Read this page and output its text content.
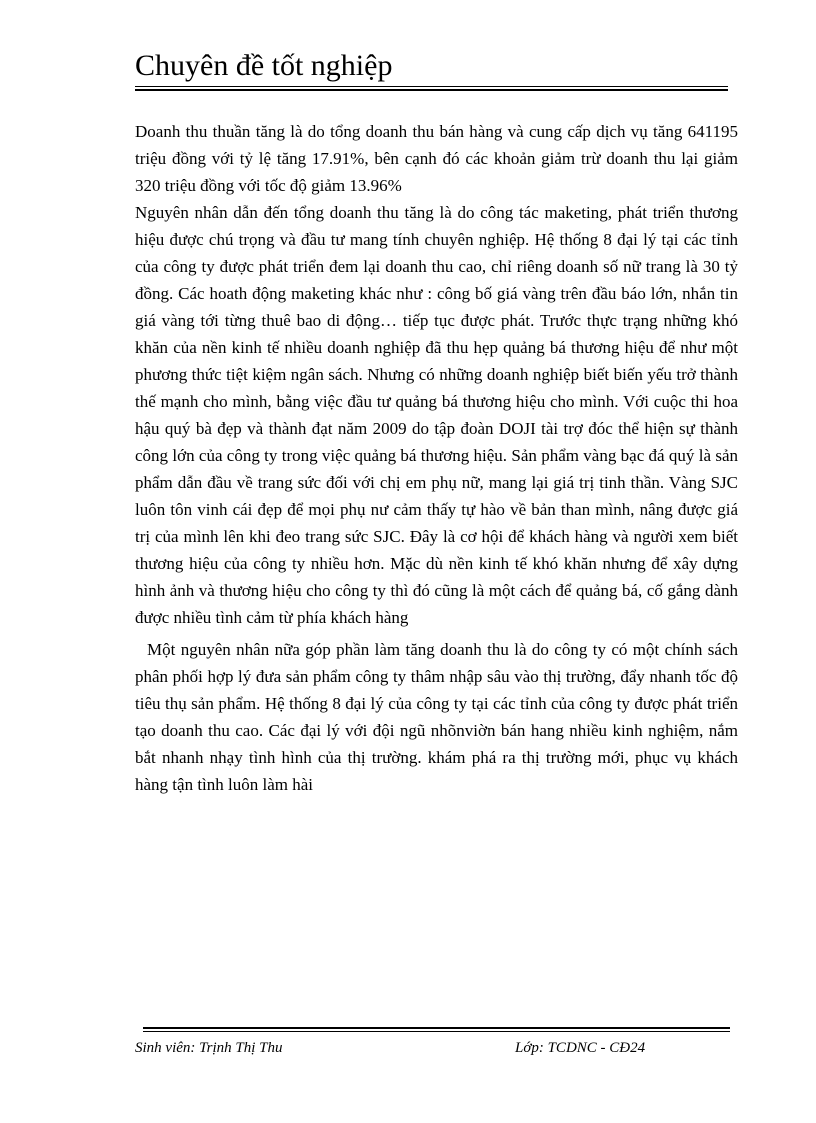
Chuyên đề tốt nghiệp

Doanh thu thuần tăng là do tổng doanh thu bán hàng và cung cấp dịch vụ tăng 641195 triệu đồng với tỷ lệ tăng 17.91%, bên cạnh đó các khoản giảm trừ doanh thu lại giảm 320 triệu đồng với tốc độ giảm 13.96%

Nguyên nhân dẫn đến tổng doanh thu tăng là do công tác maketing, phát triển thương hiệu được chú trọng và đầu tư mang tính chuyên nghiệp. Hệ thống 8 đại lý tại các tỉnh của công ty được phát triển đem lại doanh thu cao, chỉ riêng doanh số nữ trang là 30 tỷ đồng. Các hoath động maketing khác như : công bố giá vàng trên đầu báo lớn, nhắn tin giá vàng tới từng thuê bao di động… tiếp tục được phát. Trước thực trạng những khó khăn của nền kinh tế nhiều doanh nghiệp đã thu hẹp quảng bá thương hiệu để như một phương thức tiệt kiệm ngân sách. Nhưng có những doanh nghiệp biết biến yếu trở thành thế mạnh cho mình, bằng việc đầu tư quảng bá thương hiệu cho mình. Với cuộc thi hoa hậu quý bà đẹp và thành đạt năm 2009 do tập đoàn DOJI tài trợ đóc thể hiện sự thành công lớn của công ty trong việc quảng bá thương hiệu. Sản phẩm vàng bạc đá quý là sản phẩm dẫn đầu về trang sức đối với chị em phụ nữ, mang lại giá trị tinh thần. Vàng SJC luôn tôn vinh cái đẹp để mọi phụ nư cảm thấy tự hào về bản than mình, nâng được giá trị của mình lên khi đeo trang sức SJC. Đây là cơ hội để khách hàng và người xem biết thương hiệu của công ty nhiều hơn. Mặc dù nền kinh tế khó khăn nhưng để xây dựng hình ảnh và thương hiệu cho công ty thì đó cũng là một cách để quảng bá, cố gắng dành được nhiều tình cảm từ phía khách hàng

Một nguyên nhân nữa góp phần làm tăng doanh thu là do công ty có một chính sách phân phối hợp lý đưa sản phẩm công ty thâm nhập sâu vào thị trường, đẩy nhanh tốc độ tiêu thụ sản phẩm. Hệ thống 8 đại lý của công ty tại các tỉnh của công ty được phát triển tạo doanh thu cao. Các đại lý với đội ngũ nhõnviờn bán hang nhiều kinh nghiệm, nắm bắt nhanh nhạy tình hình của thị trường. khám phá ra thị trường mới, phục vụ khách hàng tận tình luôn làm hài

Sinh viên: Trịnh Thị Thu	Lớp: TCDNC - CĐ24
